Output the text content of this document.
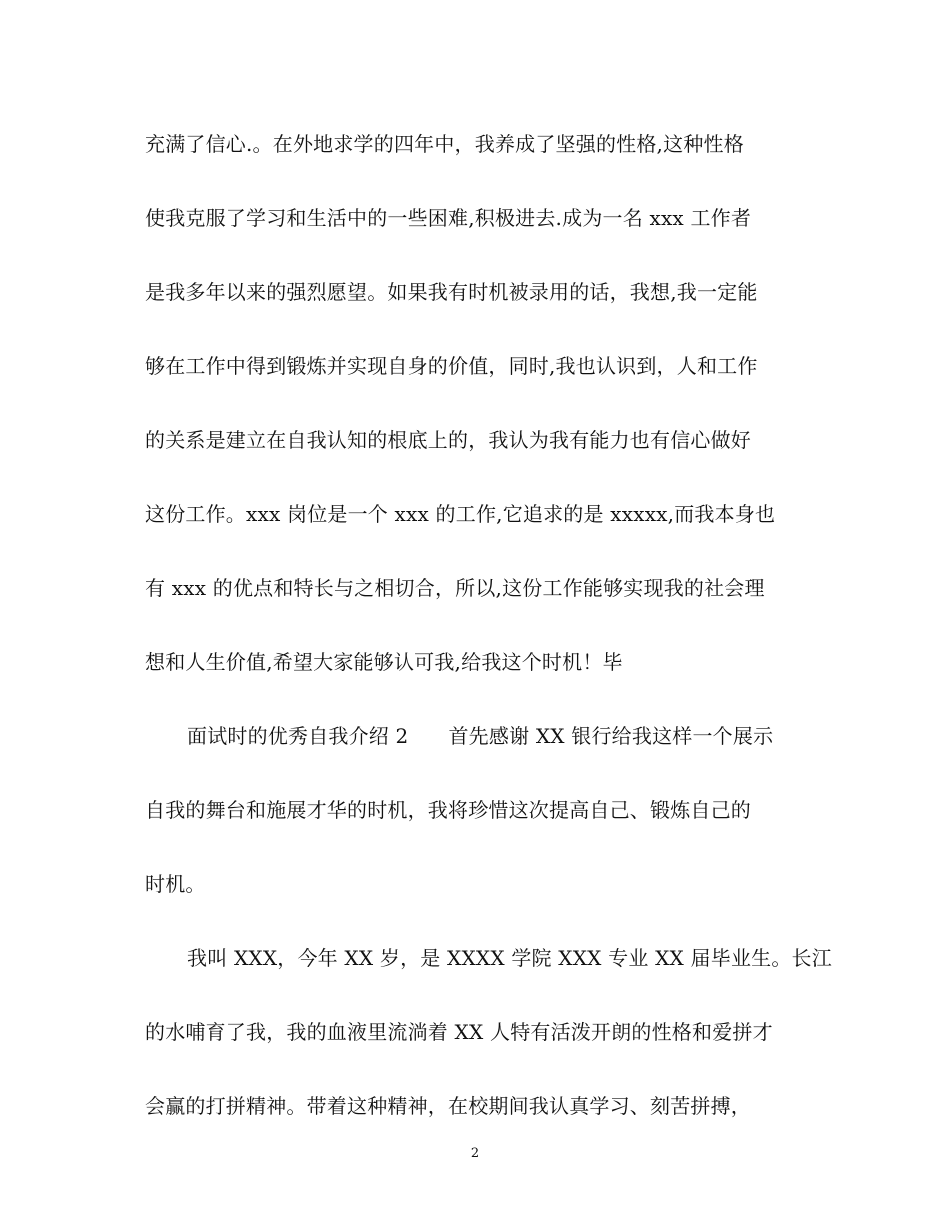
充满了信心.。在外地求学的四年中，我养成了坚强的性格,这种性格
使我克服了学习和生活中的一些困难,积极进去.成为一名 xxx 工作者
是我多年以来的强烈愿望。如果我有时机被录用的话，我想,我一定能
够在工作中得到锻炼并实现自身的价值，同时,我也认识到，人和工作
的关系是建立在自我认知的根底上的，我认为我有能力也有信心做好
这份工作。xxx 岗位是一个 xxx 的工作,它追求的是 xxxxx,而我本身也
有 xxx 的优点和特长与之相切合，所以,这份工作能够实现我的社会理
想和人生价值,希望大家能够认可我,给我这个时机！毕
面试时的优秀自我介绍 2 首先感谢 XX 银行给我这样一个展示
自我的舞台和施展才华的时机，我将珍惜这次提高自己、锻炼自己的
时机。
我叫 XXX，今年 XX 岁，是 XXXX 学院 XXX 专业 XX 届毕业生。长江
的水哺育了我，我的血液里流淌着 XX 人特有活泼开朗的性格和爱拼才
会赢的打拼精神。带着这种精神，在校期间我认真学习、刻苦拼搏，
2
